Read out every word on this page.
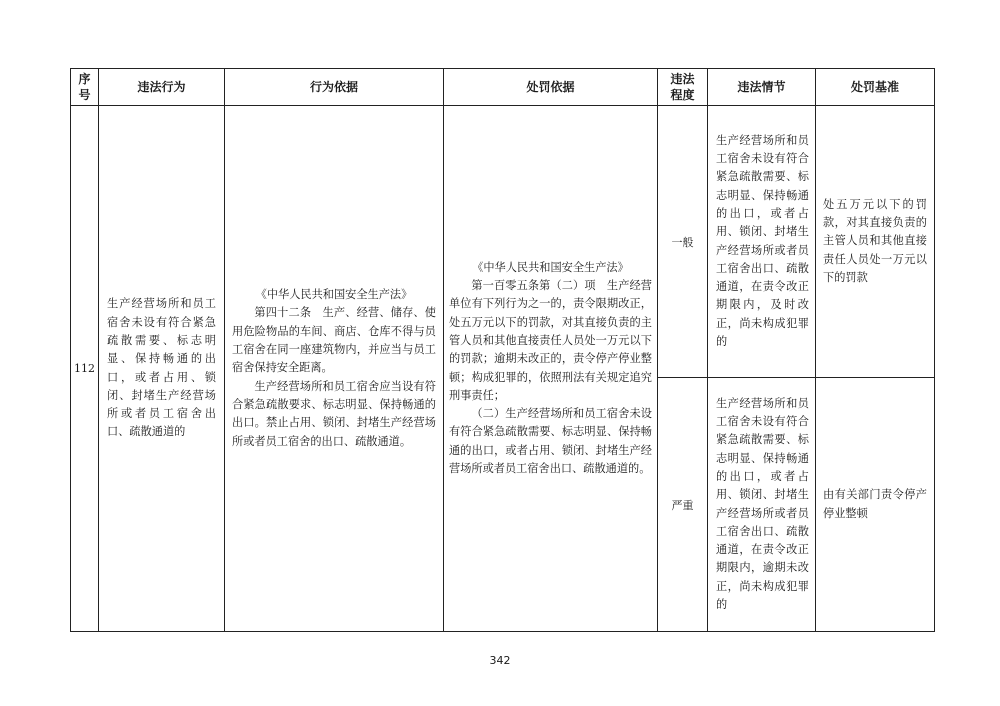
序号	违法行为	行为依据	处罚依据	违法程度	违法情节	处罚基准
112	生产经营场所和员工宿舍未设有符合紧急疏散需要、标志明显、保持畅通的出口，或者占用、锁闭、封堵生产经营场所或者员工宿舍出口、疏散通道的	《中华人民共和国安全生产法》
第四十二条　生产、经营、储存、使用危险物品的车间、商店、仓库不得与员工宿舍在同一座建筑物内，并应当与员工宿舍保持安全距离。
生产经营场所和员工宿舍应当设有符合紧急疏散要求、标志明显、保持畅通的出口。禁止占用、锁闭、封堵生产经营场所或者员工宿舍的出口、疏散通道。	《中华人民共和国安全生产法》
第一百零五条第（二）项　生产经营单位有下列行为之一的，责令限期改正，处五万元以下的罚款，对其直接负责的主管人员和其他直接责任人员处一万元以下的罚款；逾期未改正的，责令停产停业整顿；构成犯罪的，依照刑法有关规定追究刑事责任；
（二）生产经营场所和员工宿舍未设有符合紧急疏散需要、标志明显、保持畅通的出口，或者占用、锁闭、封堵生产经营场所或者员工宿舍出口、疏散通道的。	一般	生产经营场所和员工宿舍未设有符合紧急疏散需要、标志明显、保持畅通的出口，或者占用、锁闭、封堵生产经营场所或者员工宿舍出口、疏散通道，在责令改正期限内，及时改正，尚未构成犯罪的	处五万元以下的罚款，对其直接负责的主管人员和其他直接责任人员处一万元以下的罚款
				严重	生产经营场所和员工宿舍未设有符合紧急疏散需要、标志明显、保持畅通的出口，或者占用、锁闭、封堵生产经营场所或者员工宿舍出口、疏散通道，在责令改正期限内，逾期未改正，尚未构成犯罪的	由有关部门责令停产停业整顿
342
